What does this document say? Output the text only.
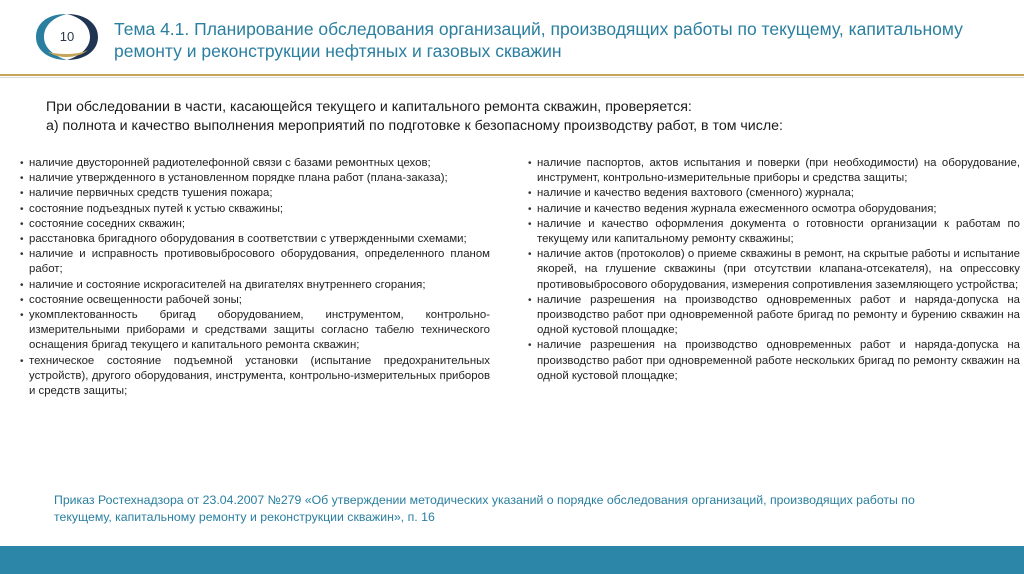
10	Тема 4.1. Планирование обследования организаций, производящих работы по текущему, капитальному ремонту и реконструкции нефтяных и газовых скважин
При обследовании в части, касающейся текущего и капитального ремонта скважин, проверяется:
а) полнота и качество выполнения мероприятий по подготовке к безопасному производству работ, в том числе:
• наличие двусторонней радиотелефонной связи с базами ремонтных цехов;
• наличие утвержденного в установленном порядке плана работ (плана-заказа);
• наличие первичных средств тушения пожара;
• состояние подъездных путей к устью скважины;
• состояние соседних скважин;
• расстановка бригадного оборудования в соответствии с утвержденными схемами;
• наличие и исправность противовыбросового оборудования, определенного планом работ;
• наличие и состояние искрогасителей на двигателях внутреннего сгорания;
• состояние освещенности рабочей зоны;
• укомплектованность бригад оборудованием, инструментом, контрольно-измерительными приборами и средствами защиты согласно табелю технического оснащения бригад текущего и капитального ремонта скважин;
• техническое состояние подъемной установки (испытание предохранительных устройств), другого оборудования, инструмента, контрольно-измерительных приборов и средств защиты;
• наличие паспортов, актов испытания и поверки (при необходимости) на оборудование, инструмент, контрольно-измерительные приборы и средства защиты;
• наличие и качество ведения вахтового (сменного) журнала;
• наличие и качество ведения журнала ежесменного осмотра оборудования;
• наличие и качество оформления документа о готовности организации к работам по текущему или капитальному ремонту скважины;
• наличие актов (протоколов) о приеме скважины в ремонт, на скрытые работы и испытание якорей, на глушение скважины (при отсутствии клапана-отсекателя), на опрессовку противовыбросового оборудования, измерения сопротивления заземляющего устройства;
• наличие разрешения на производство одновременных работ и наряда-допуска на производство работ при одновременной работе бригад по ремонту и бурению скважин на одной кустовой площадке;
• наличие разрешения на производство одновременных работ и наряда-допуска на производство работ при одновременной работе нескольких бригад по ремонту скважин на одной кустовой площадке;
Приказ Ростехнадзора от 23.04.2007 №279 «Об утверждении методических указаний о порядке обследования организаций, производящих работы по текущему, капитальному ремонту и реконструкции скважин», п. 16
